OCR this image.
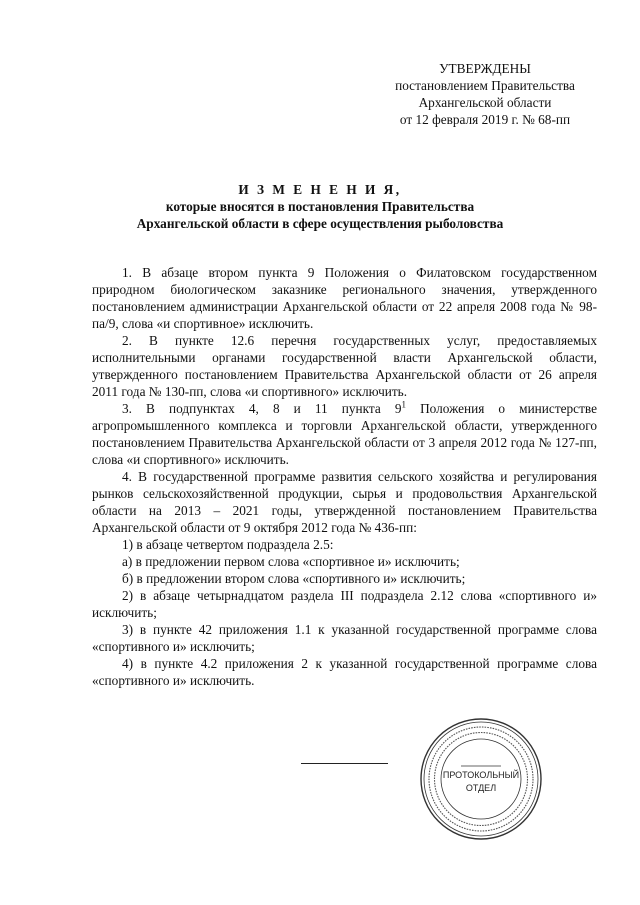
УТВЕРЖДЕНЫ
постановлением Правительства
Архангельской области
от 12 февраля 2019 г. № 68-пп
И З М Е Н Е Н И Я,
которые вносятся в постановления Правительства
Архангельской области в сфере осуществления рыболовства

1. В абзаце втором пункта 9 Положения о Филатовском государственном природном биологическом заказнике регионального значения, утвержденного постановлением администрации Архангельской области от 22 апреля 2008 года № 98-па/9, слова «и спортивное» исключить.

2. В пункте 12.6 перечня государственных услуг, предоставляемых исполнительными органами государственной власти Архангельской области, утвержденного постановлением Правительства Архангельской области от 26 апреля 2011 года № 130-пп, слова «и спортивного» исключить.

3. В подпунктах 4, 8 и 11 пункта $9^1$ Положения о министерстве агропромышленного комплекса и торговли Архангельской области, утвержденного постановлением Правительства Архангельской области от 3 апреля 2012 года № 127-пп, слова «и спортивного» исключить.

4. В государственной программе развития сельского хозяйства и регулирования рынков сельскохозяйственной продукции, сырья и продовольствия Архангельской области на 2013 – 2021 годы, утвержденной постановлением Правительства Архангельской области от 9 октября 2012 года № 436-пп:

1) в абзаце четвертом подраздела 2.5:

а) в предложении первом слова «спортивное и» исключить;

б) в предложении втором слова «спортивного и» исключить;

2) в абзаце четырнадцатом раздела III подраздела 2.12 слова «спортивного и» исключить;

3) в пункте 42 приложения 1.1 к указанной государственной программе слова «спортивного и» исключить;

4) в пункте 4.2 приложения 2 к указанной государственной программе слова «спортивного и» исключить.

ПРОТОКОЛЬНЫЙ
ОТДЕЛ
